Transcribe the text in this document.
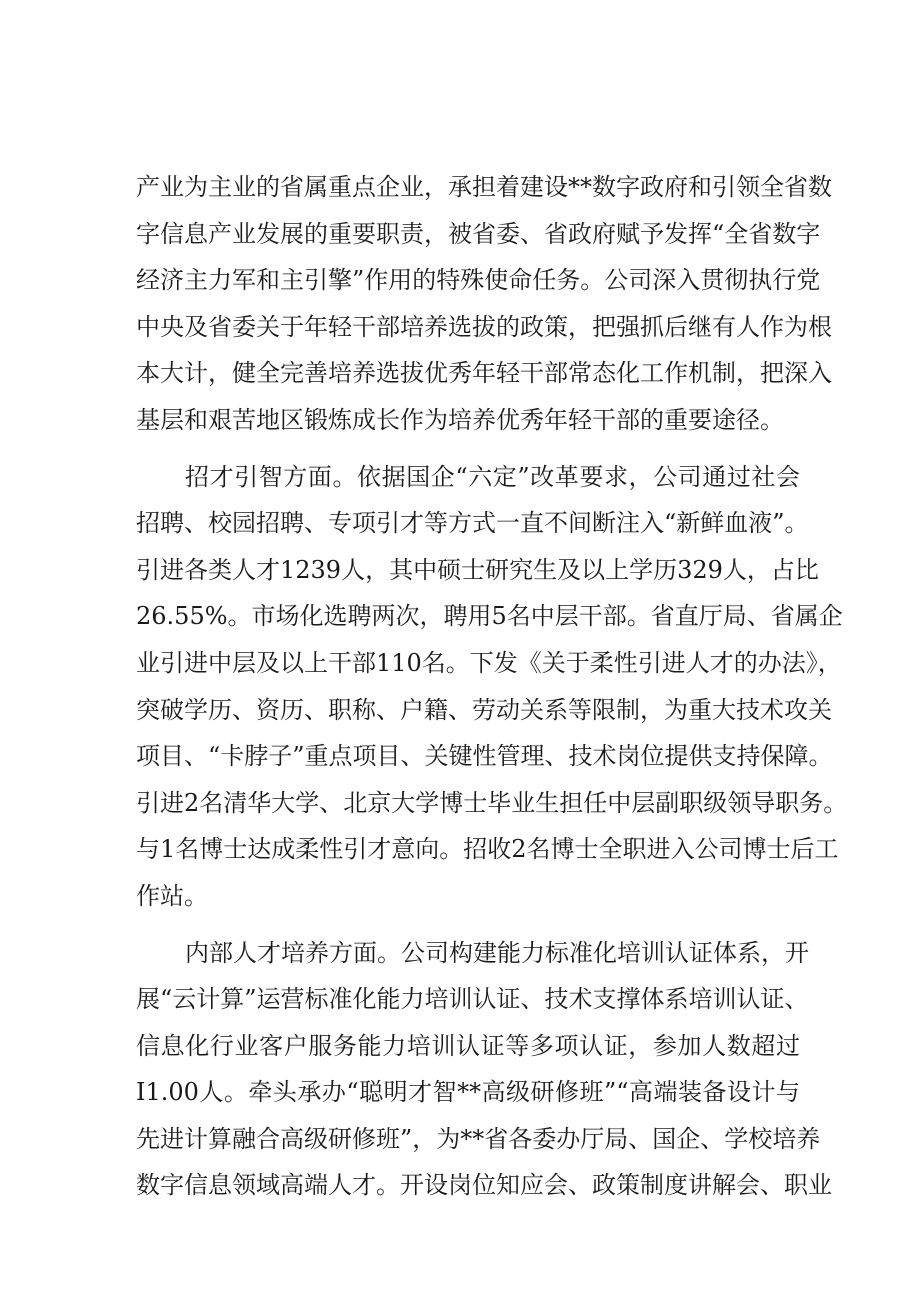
产业为主业的省属重点企业，承担着建设**数字政府和引领全省数
字信息产业发展的重要职责，被省委、省政府赋予发挥“全省数字
经济主力军和主引擎”作用的特殊使命任务。公司深入贯彻执行党
中央及省委关于年轻干部培养选拔的政策，把强抓后继有人作为根
本大计，健全完善培养选拔优秀年轻干部常态化工作机制，把深入
基层和艰苦地区锻炼成长作为培养优秀年轻干部的重要途径。
招才引智方面。依据国企“六定”改革要求，公司通过社会
招聘、校园招聘、专项引才等方式一直不间断注入“新鲜血液”。
引进各类人才1239人，其中硕士研究生及以上学历329人，占比
26.55%。市场化选聘两次，聘用5名中层干部。省直厅局、省属企
业引进中层及以上干部110名。下发《关于柔性引进人才的办法》，
突破学历、资历、职称、户籍、劳动关系等限制，为重大技术攻关
项目、“卡脖子”重点项目、关键性管理、技术岗位提供支持保障。
引进2名清华大学、北京大学博士毕业生担任中层副职级领导职务。
与1名博士达成柔性引才意向。招收2名博士全职进入公司博士后工
作站。
内部人才培养方面。公司构建能力标准化培训认证体系，开
展“云计算”运营标准化能力培训认证、技术支撑体系培训认证、
信息化行业客户服务能力培训认证等多项认证，参加人数超过
I1.00人。牵头承办“聪明才智**高级研修班”“高端装备设计与
先进计算融合高级研修班”，为**省各委办厅局、国企、学校培养
数字信息领域高端人才。开设岗位知应会、政策制度讲解会、职业
